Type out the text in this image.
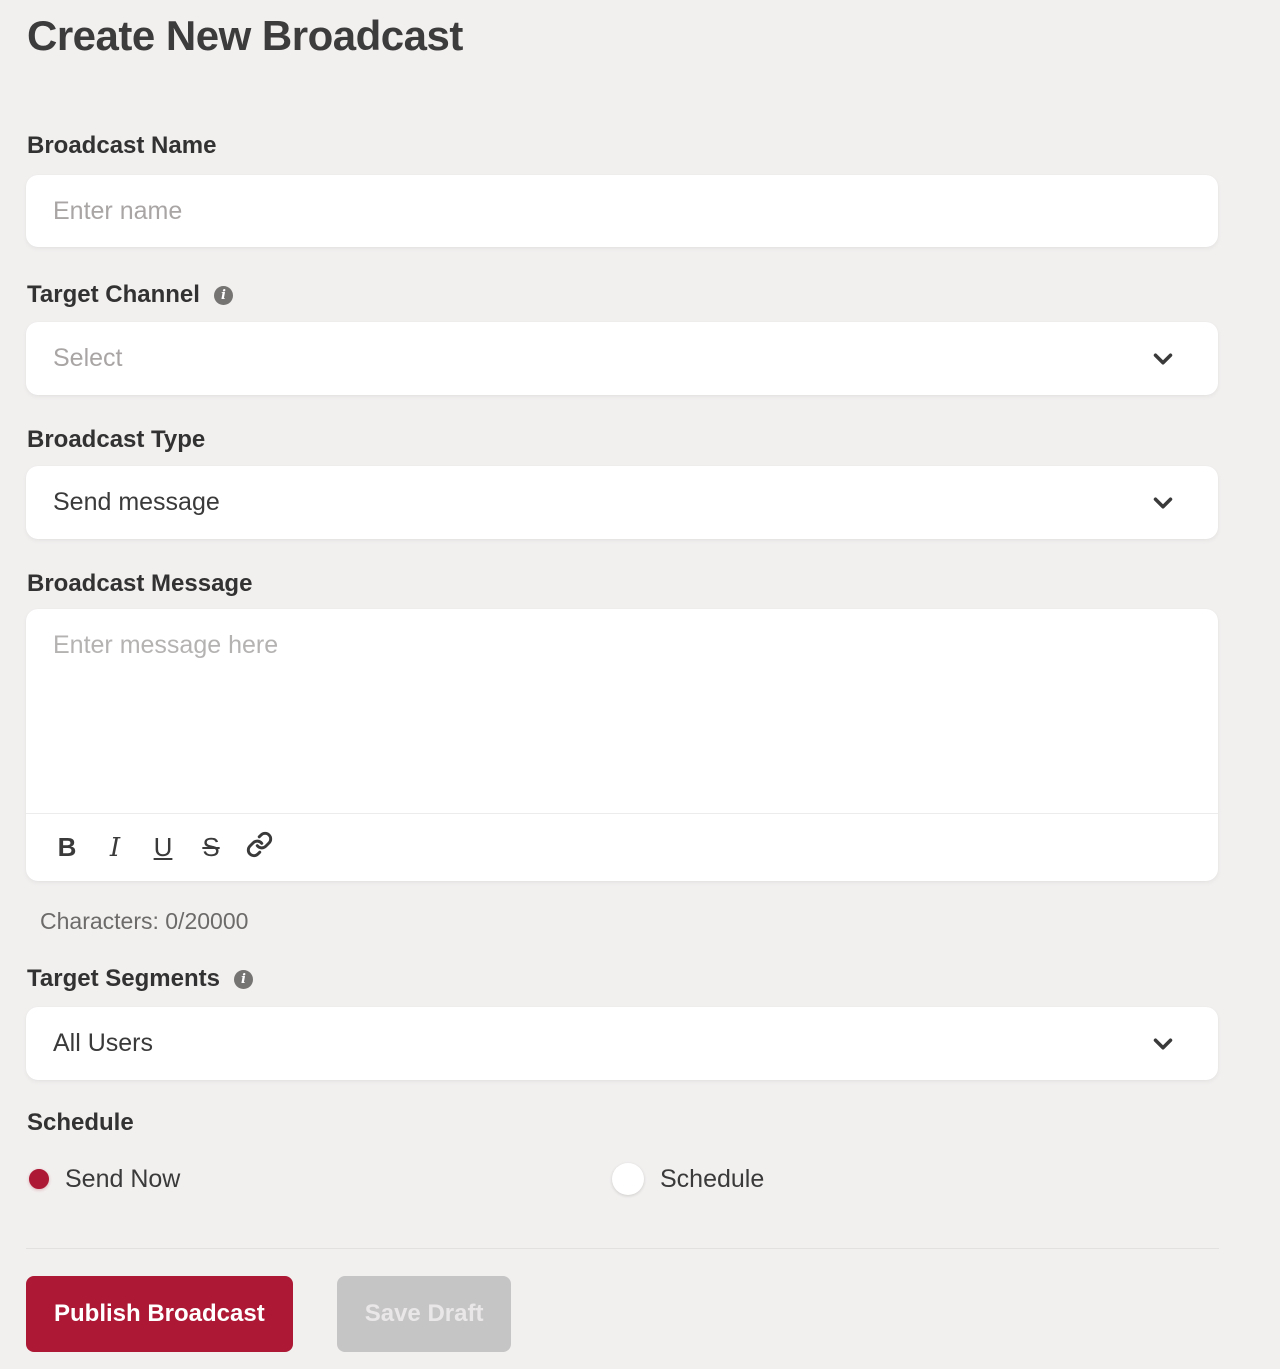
Create New Broadcast
Broadcast Name
Enter name
Target Channel	i
Select
Broadcast Type
Send message
Broadcast Message
Enter message here
B	I	U S
Characters: 0/20000
Target Segments	i
All Users
Schedule
Send Now	Schedule
Publish Broadcast	Save Draft
